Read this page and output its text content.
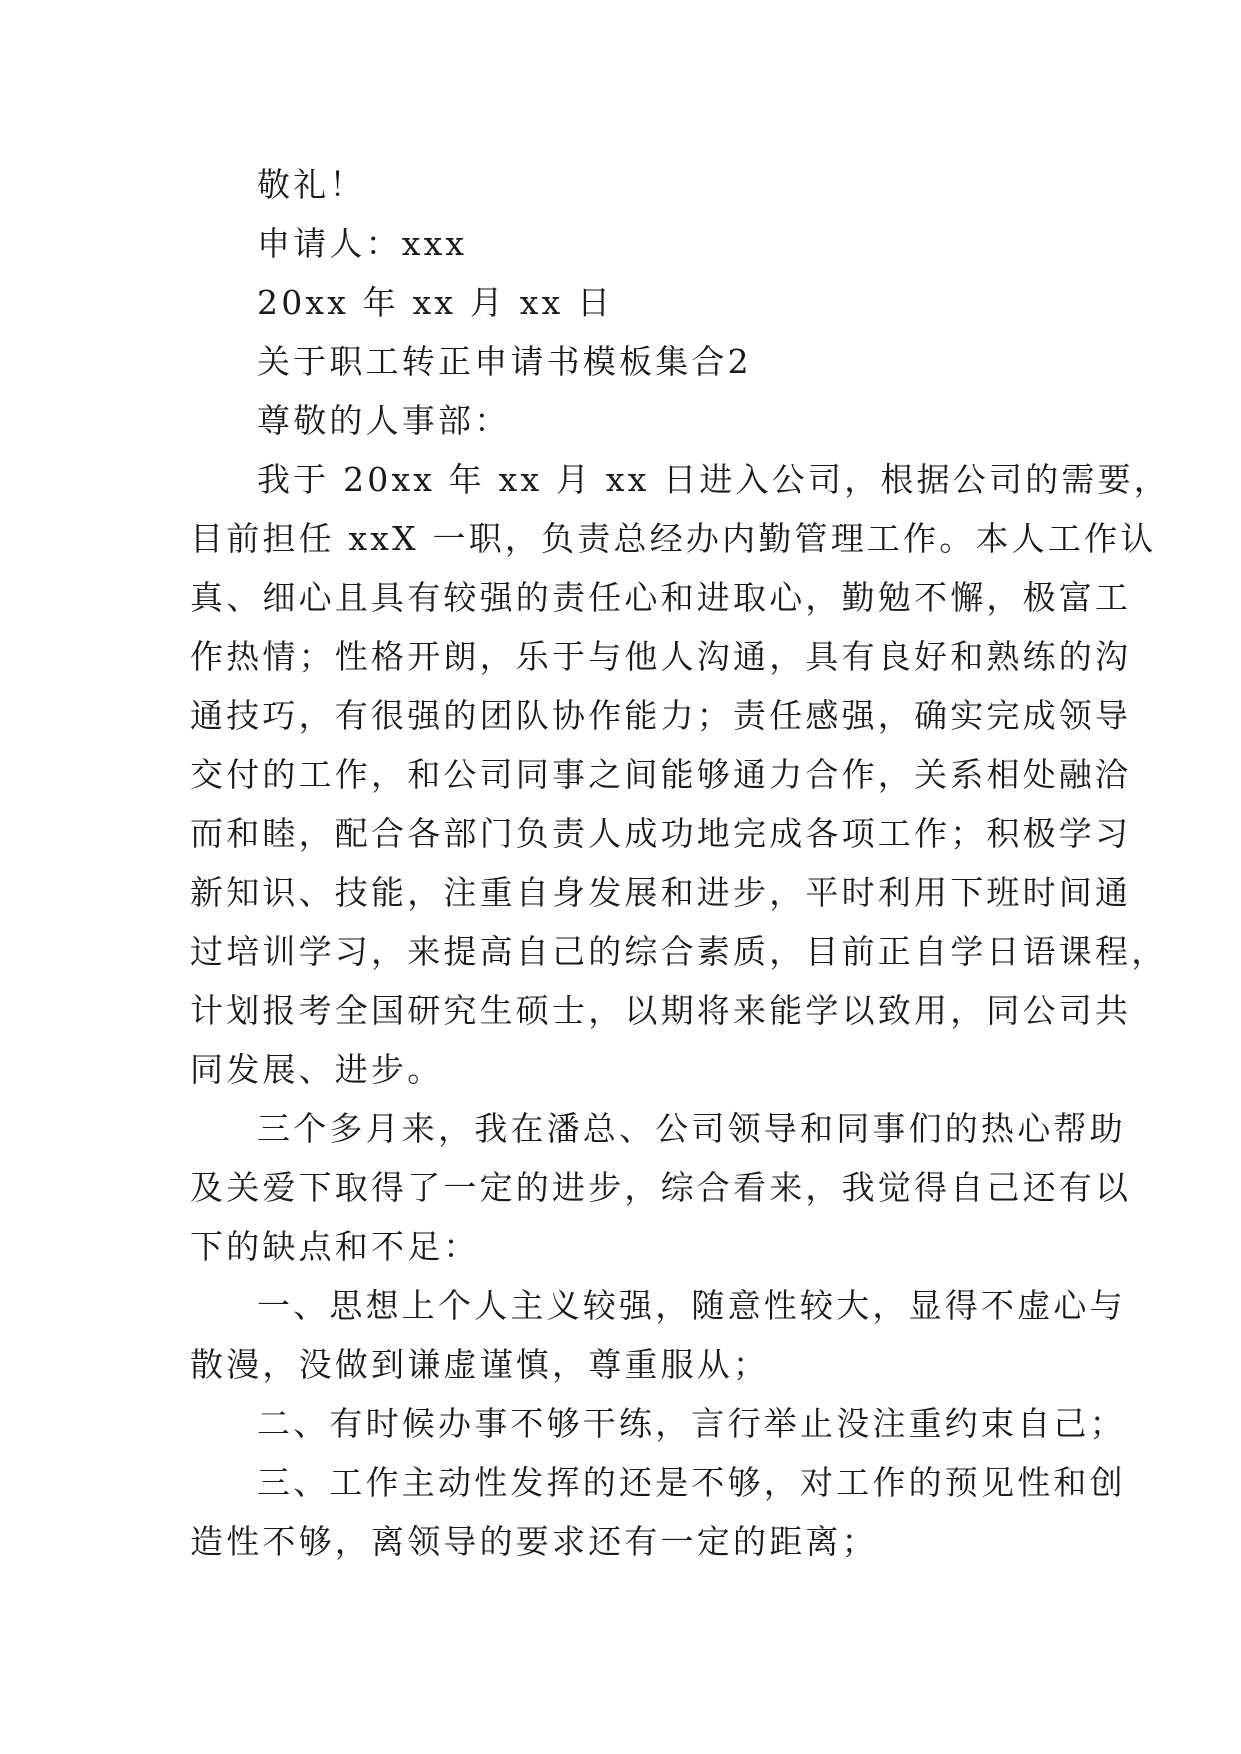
敬礼！
申请人：xxx
20xx 年 xx 月 xx 日
关于职工转正申请书模板集合2
尊敬的人事部：
我于 20xx 年 xx 月 xx 日进入公司，根据公司的需要，
目前担任 xxX 一职，负责总经办内勤管理工作。本人工作认
真、细心且具有较强的责任心和进取心，勤勉不懈，极富工
作热情；性格开朗，乐于与他人沟通，具有良好和熟练的沟
通技巧，有很强的团队协作能力；责任感强，确实完成领导
交付的工作，和公司同事之间能够通力合作，关系相处融洽
而和睦，配合各部门负责人成功地完成各项工作；积极学习
新知识、技能，注重自身发展和进步，平时利用下班时间通
过培训学习，来提高自己的综合素质，目前正自学日语课程，
计划报考全国研究生硕士，以期将来能学以致用，同公司共
同发展、进步。
三个多月来，我在潘总、公司领导和同事们的热心帮助
及关爱下取得了一定的进步，综合看来，我觉得自己还有以
下的缺点和不足：
一、思想上个人主义较强，随意性较大，显得不虚心与
散漫，没做到谦虚谨慎，尊重服从；
二、有时候办事不够干练，言行举止没注重约束自己；
三、工作主动性发挥的还是不够，对工作的预见性和创
造性不够，离领导的要求还有一定的距离；
